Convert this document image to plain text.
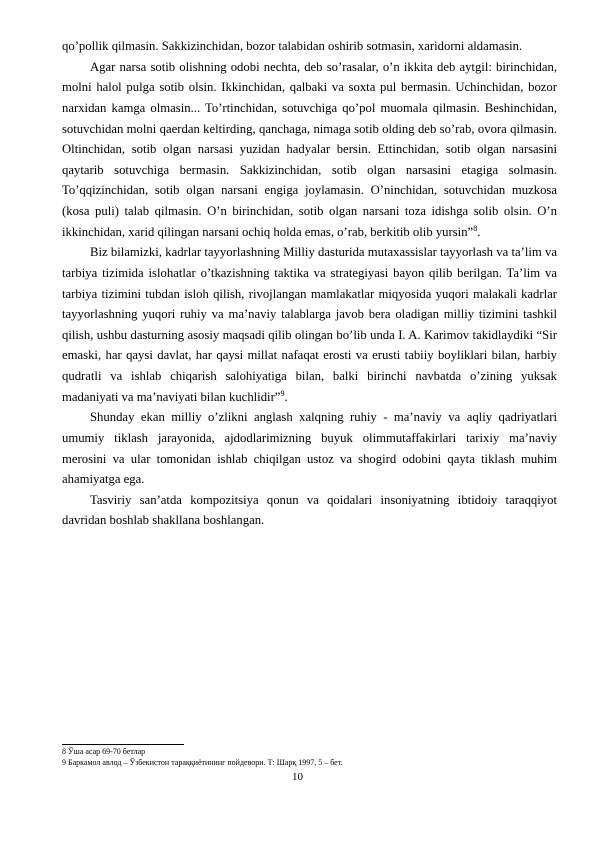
qo’pollik qilmasin. Sakkizinchidan, bozor talabidan oshirib sotmasin, xaridorni aldamasin.

Agar narsa sotib olishning odobi nechta, deb so’rasalar, o’n ikkita deb aytgil: birinchidan, molni halol pulga sotib olsin. Ikkinchidan, qalbaki va soxta pul bermasin. Uchinchidan, bozor narxidan kamga olmasin... To’rtinchidan, sotuvchiga qo’pol muomala qilmasin. Beshinchidan, sotuvchidan molni qaerdan keltirding, qanchaga, nimaga sotib olding deb so’rab, ovora qilmasin. Oltinchidan, sotib olgan narsasi yuzidan hadyalar bersin. Ettinchidan, sotib olgan narsasini qaytarib sotuvchiga bermasin. Sakkizinchidan, sotib olgan narsasini etagiga solmasin. To’qqizinchidan, sotib olgan narsani engiga joylamasin. O’ninchidan, sotuvchidan muzkosa (kosa puli) talab qilmasin. O’n birinchidan, sotib olgan narsani toza idishga solib olsin. O’n ikkinchidan, xarid qilingan narsani ochiq holda emas, o’rab, berkitib olib yursin”$^8$.

Biz bilamizki, kadrlar tayyorlashning Milliy dasturida mutaxassislar tayyorlash va ta’lim va tarbiya tizimida islohatlar o’tkazishning taktika va strategiyasi bayon qilib berilgan. Ta’lim va tarbiya tizimini tubdan isloh qilish, rivojlangan mamlakatlar miqyosida yuqori malakali kadrlar tayyorlashning yuqori ruhiy va ma’naviy talablarga javob bera oladigan milliy tizimini tashkil qilish, ushbu dasturning asosiy maqsadi qilib olingan bo’lib unda I. A. Karimov takidlaydiki “Sir emaski, har qaysi davlat, har qaysi millat nafaqat erosti va erusti tabiiy boyliklari bilan, harbiy qudratli va ishlab chiqarish salohiyatiga bilan, balki birinchi navbatda o’zining yuksak madaniyati va ma’naviyati bilan kuchlidir”$^9$.

Shunday ekan milliy o’zlikni anglash xalqning ruhiy - ma’naviy va aqliy qadriyatlari umumiy tiklash jarayonida, ajdodlarimizning buyuk olimmutaffakirlari tarixiy ma’naviy merosini va ular tomonidan ishlab chiqilgan ustoz va shogird odobini qayta tiklash muhim ahamiyatga ega.

Tasviriy san’atda kompozitsiya qonun va qoidalari insoniyatning ibtidoiy taraqqiyot davridan boshlab shakllana boshlangan.

8 Ўша асар 69-70 бетлар

9 Баркамол авлод – Ўзбекистон тараққиётининг пойдевори. Т: Шарқ 1997, 5 – бет.

10
